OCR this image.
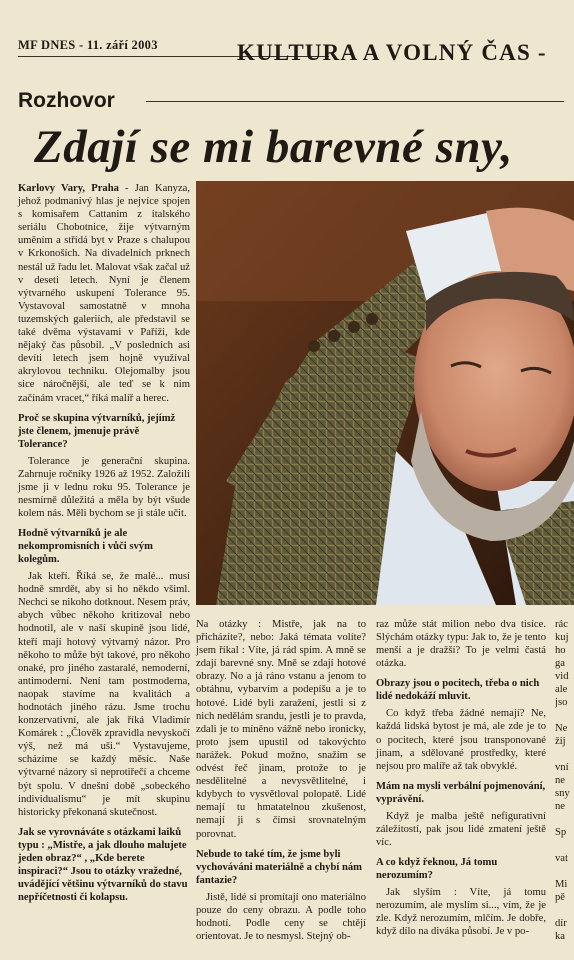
MF DNES - 11. září 2003	KULTURA A VOLNÝ ČAS -
Rozhovor
Zdají se mi barevné sny,

Karlovy Vary, Praha - Jan Kanyza, jehož podmanivý hlas je nejvíce spojen s komisařem Cattanim z italského seriálu Chobotnice, žije výtvarným uměním a střídá byt v Praze s chalupou v Krkonoších. Na divadelních prknech nestál už řadu let. Malovat však začal už v deseti letech. Nyní je členem výtvarného uskupení Tolerance 95. Vystavoval samostatně v mnoha tuzemských galeriích, ale představil se také dvěma výstavami v Paříži, kde nějaký čas působil. „V posledních asi devíti letech jsem hojně využíval akrylovou techniku. Olejomalby jsou sice náročnější, ale teď se k nim začínám vracet,“ říká malíř a herec.

Proč se skupina výtvarníků, jejímž jste členem, jmenuje právě Tolerance?

Tolerance je generační skupina. Zahrnuje ročníky 1926 až 1952. Založili jsme ji v lednu roku 95. Tolerance je nesmírně důležitá a měla by být všude kolem nás. Měli bychom se ji stále učit.

Hodně výtvarníků je ale nekompromisních i vůči svým kolegům.

Jak kteří. Říká se, že malé... musí hodně smrdět, aby si ho někdo všiml. Nechci se nikoho dotknout. Nesem práv, abych vůbec někoho kritizoval nebo hodnotil, ale v naší skupině jsou lidé, kteří mají hotový výtvarný názor. Pro někoho to může být takové, pro někoho onaké, pro jiného zastaralé, nemoderní, antimoderní. Není tam postmoderna, naopak stavíme na kvalitách a hodnotách jiného rázu. Jsme trochu konzervativní, ale jak říká Vladimír Komárek : „Člověk zpravidla nevyskočí výš, než má uši.“ Vystavujeme, scházíme se každý měsíc. Naše výtvarné názory si neprotiřečí a chceme být spolu. V dnešní době „sobeckého individualismu“ je mít skupinu historicky překonaná skutečnost.

Jak se vyrovnáváte s otázkami laiků typu : „Mistře, a jak dlouho malujete jeden obraz?“ , „Kde berete inspiraci?“ Jsou to otázky vražedné, uvádějící většinu výtvarníků do stavu nepříčetnosti či kolapsu.

Na otázky : Mistře, jak na to přicházíte?, nebo: Jaká témata volíte? jsem říkal : Víte, já rád spím. A mně se zdají barevné sny. Mně se zdají hotové obrazy. No a já ráno vstanu a jenom to obtáhnu, vybarvím a podepíšu a je to hotové. Lidé byli zaražení, jestli si z nich nedělám srandu, jestli je to pravda, zdali je to míněno vážně nebo ironicky, proto jsem upustil od takovýchto narážek. Pokud možno, snažím se odvést řeč jinam, protože to je nesdělitelné a nevysvětlitelné, i kdybych to vysvětloval polopatě. Lidé nemají tu hmatatelnou zkušenost, nemají ji s čímsi srovnatelným porovnat.

Nebude to také tím, že jsme byli vychováváni materiálně a chybí nám fantazie?

Jistě, lidé si promítají ono materiálno pouze do ceny obrazu. A podle toho hodnotí. Podle ceny se chtějí orientovat. Je to nesmysl. Stejný ob-

raz může stát milion nebo dva tisíce. Slýchám otázky typu: Jak to, že je tento menší a je dražší? To je velmi častá otázka.

Obrazy jsou o pocitech, třeba o nich lidé nedokáží mluvit.

Co když třeba žádné nemají? Ne, každá lidská bytost je má, ale zde je to o pocitech, které jsou transponované jinam, a sdělované prostředky, které nejsou pro malíře až tak obvyklé.

Mám na mysli verbální pojmenování, vyprávění.

Když je malba ještě nefigurativní záležitostí, pak jsou lidé zmatení ještě víc.

A co když řeknou, Já tomu nerozumím?

Jak slyším : Víte, já tomu nerozumím, ale myslím si..., vím, že je zle. Když nerozumím, mlčím. Je dobře, když dílo na diváka působí. Je v po-

rác
kuj
ho
ga
vid
ale
jso
Ne
žij
vní
ne
sny
ne
Sp
vat
Mi
pě
dír
ka
